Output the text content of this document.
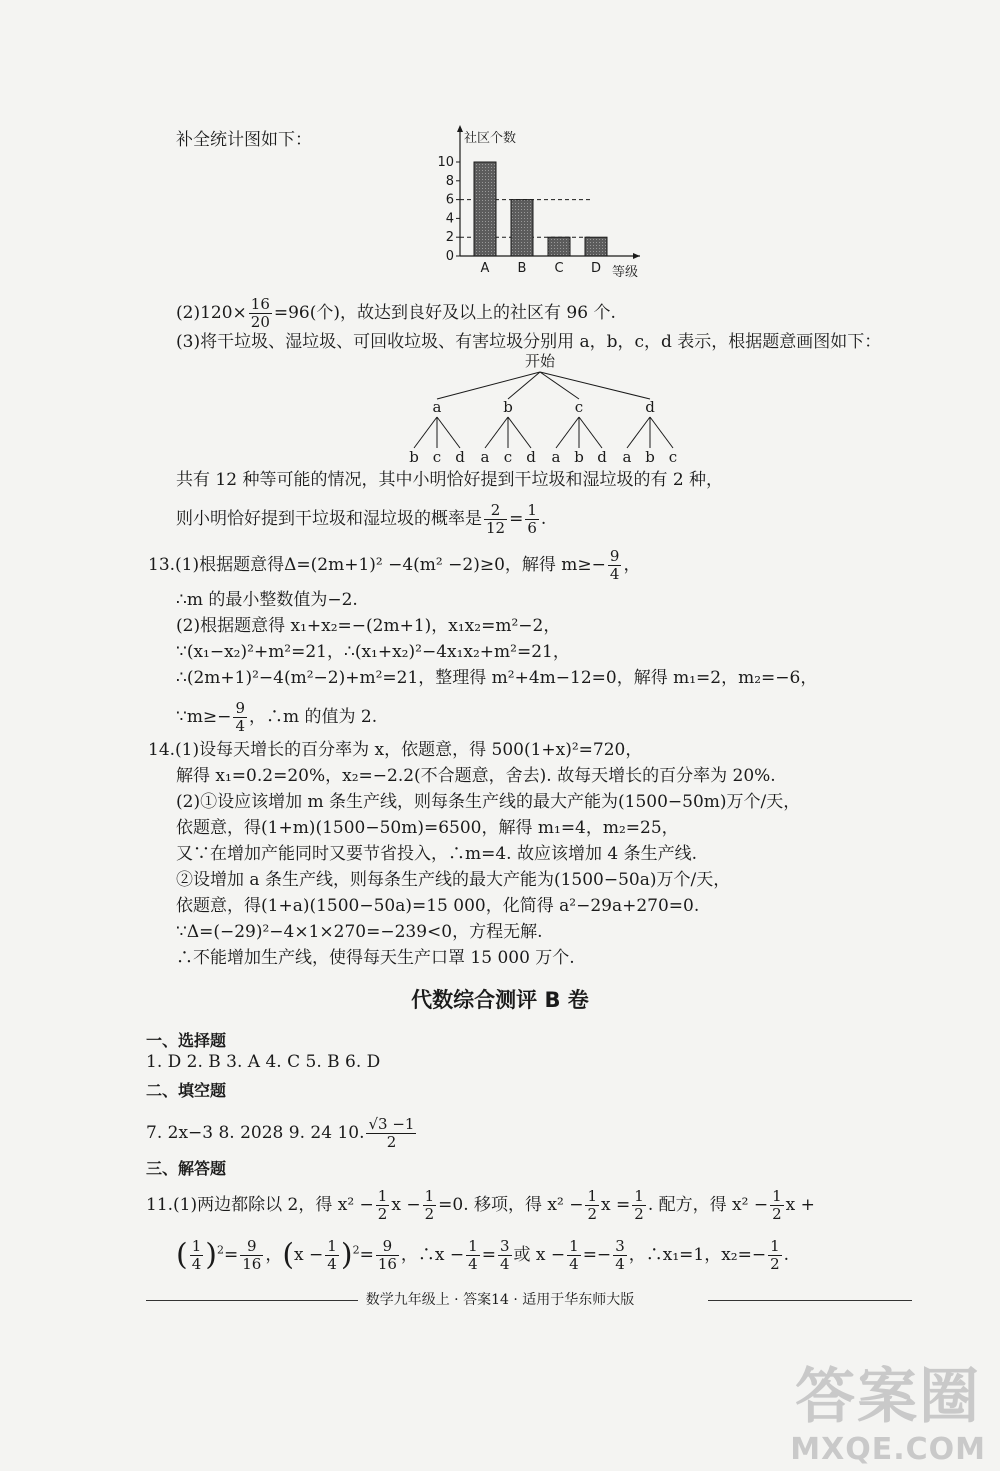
补全统计图如下：	社区个数
等级
0
2
4
6
8
10
A B C D
$(2)120\times \frac{16}{20} =96$(个)，故达到良好及以上的社区有 96 个.
(3)将干垃圾、湿垃圾、可回收垃圾、有害垃圾分别用 a，b，c，d 表示，根据题意画图如下：
开始
a
b c d
b
a c d
c
a b d
d
a b c
共有 12 种等可能的情况，其中小明恰好提到干垃圾和湿垃圾的有 2 种，
则小明恰好提到干垃圾和湿垃圾的概率是 $\frac{2}{12} = \frac{1}{6}$ .
13.(1)根据题意得Δ=(2m+1)² −4(m² −2)≥0，解得 $m\ge- \frac{9}{4}$ ，
∴m 的最小整数值为−2.
(2)根据题意得 x₁+x₂=−(2m+1)，x₁x₂=m²−2，
∵(x₁−x₂)²+m²=21，∴(x₁+x₂)²−4x₁x₂+m²=21，
∴(2m+1)²−4(m²−2)+m²=21，整理得 m²+4m−12=0，解得 m₁=2，m₂=−6，
∵m≥− $\frac{9}{4}$ ，∴m 的值为 2.
14.(1)设每天增长的百分率为 x，依题意，得 500(1+x)²=720，
解得 x₁=0.2=20%，x₂=−2.2(不合题意，舍去). 故每天增长的百分率为 20%.
(2)①设应该增加 m 条生产线，则每条生产线的最大产能为(1500−50m)万个/天，
依题意，得(1+m)(1500−50m)=6500，解得 m₁=4，m₂=25，
又∵在增加产能同时又要节省投入，∴m=4. 故应该增加 4 条生产线.
②设增加 a 条生产线，则每条生产线的最大产能为(1500−50a)万个/天，
依题意，得(1+a)(1500−50a)=15 000，化简得 a²−29a+270=0.
∵Δ=(−29)²−4×1×270=−239<0，方程无解.
∴不能增加生产线，使得每天生产口罩 15 000 万个.
代数综合测评 B 卷
一、选择题
1. D 2. B 3. A 4. C 5. B 6. D
二、填空题
7. 2x−3 8. 2028 9. 24 10. $\frac{√3 -1}{2}$
三、解答题
11.(1)两边都除以 2，得 $x^2 - \frac{1}{2}$ $x - \frac{1}{2} =0$. 移项，得 $x^2 - \frac{1}{2}$ $x = \frac{1}{2}$ . 配方，得 $x^2 - \frac{1}{2}$ x +
( $\frac{1}{4} )^2= \frac{9}{16}$ ，$(x - \frac{1}{4} )^2= \frac{9}{16}$ ，∴x − $\frac{1}{4} = \frac{3}{4}$ 或 $x - \frac{1}{4} =- \frac{3}{4}$ ，∴x₁=1，$x_2=- \frac{1}{2}$ .
数学九年级上 · 答案14 · 适用于华东师大版
答案圈
MXQE.COM
